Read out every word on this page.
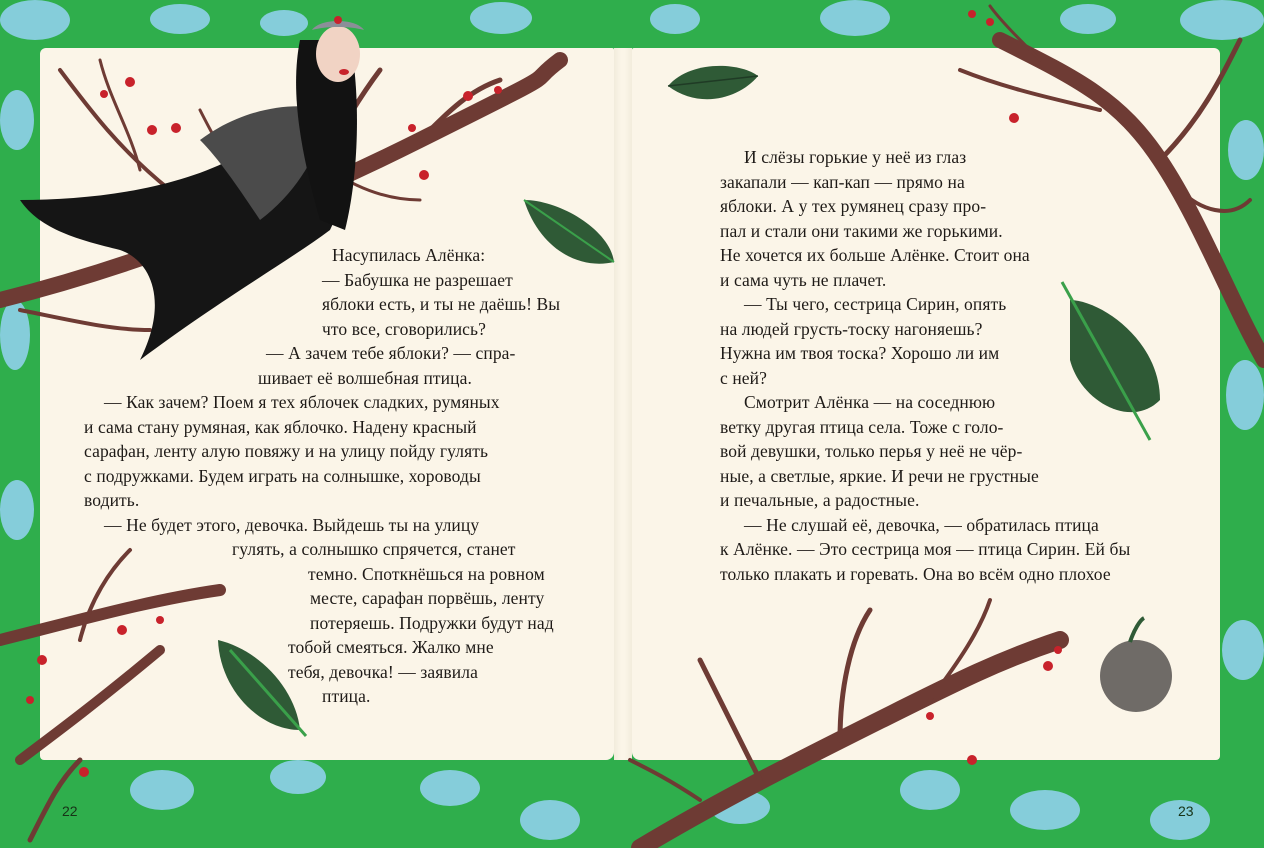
Насупилась Алёнка:
— Бабушка не разрешает
яблоки есть, и ты не даёшь! Вы
что все, сговорились?
— А зачем тебе яблоки? — спра-
шивает её волшебная птица.
— Как зачем? Поем я тех яблочек сладких, румяных
и сама стану румяная, как яблочко. Надену красный
сарафан, ленту алую повяжу и на улицу пойду гулять
с подружками. Будем играть на солнышке, хороводы
водить.
— Не будет этого, девочка. Выйдешь ты на улицу
гулять, а солнышко спрячется, станет
темно. Споткнёшься на ровном
месте, сарафан порвёшь, ленту
потеряешь. Подружки будут над
тобой смеяться. Жалко мне
тебя, девочка! — заявила
птица.
И слёзы горькие у неё из глаз
закапали — кап-кап — прямо на
яблоки. А у тех румянец сразу про-
пал и стали они такими же горькими.
Не хочется их больше Алёнке. Стоит она
и сама чуть не плачет.
— Ты чего, сестрица Сирин, опять
на людей грусть-тоску нагоняешь?
Нужна им твоя тоска? Хорошо ли им
с ней?
Смотрит Алёнка — на соседнюю
ветку другая птица села. Тоже с голо-
вой девушки, только перья у неё не чёр-
ные, а светлые, яркие. И речи не грустные
и печальные, а радостные.
— Не слушай её, девочка, — обратилась птица
к Алёнке. — Это сестрица моя — птица Сирин. Ей бы
только плакать и горевать. Она во всём одно плохое
22	23
